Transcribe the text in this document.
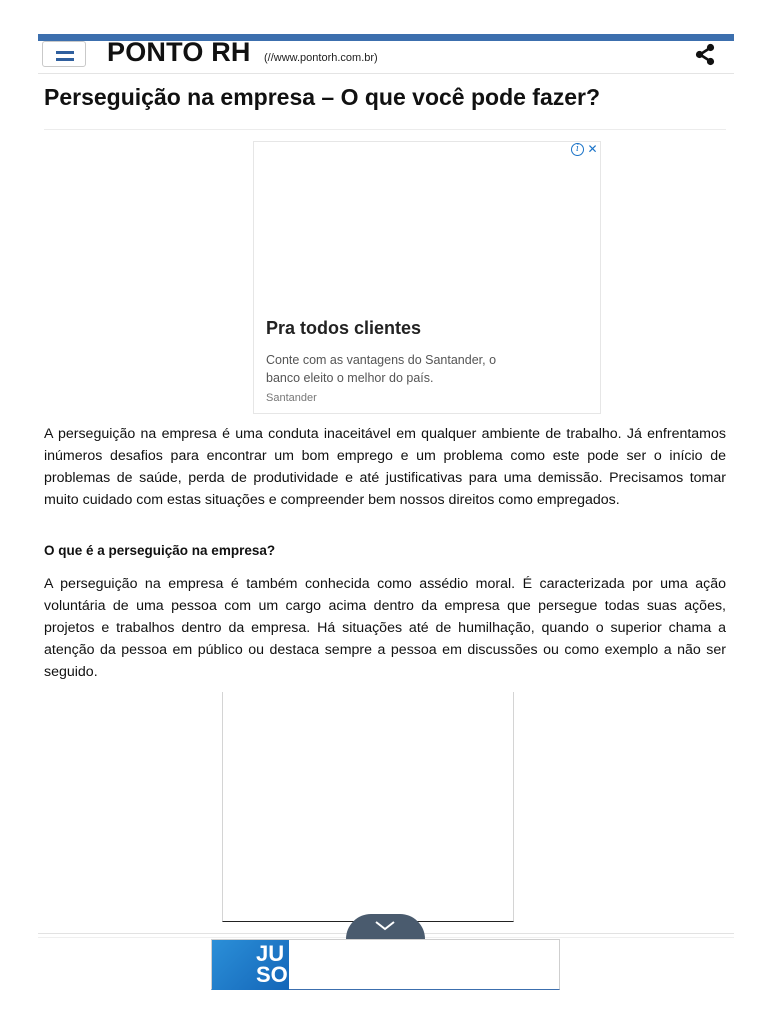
PONTO RH (//www.pontorh.com.br)
Perseguição na empresa – O que você pode fazer?
i ✕
Pra todos clientes
Conte com as vantagens do Santander, o banco eleito o melhor do país.
Santander

A perseguição na empresa é uma conduta inaceitável em qualquer ambiente de trabalho. Já enfrentamos inúmeros desafios para encontrar um bom emprego e um problema como este pode ser o início de problemas de saúde, perda de produtividade e até justificativas para uma demissão. Precisamos tomar muito cuidado com estas situações e compreender bem nossos direitos como empregados.

O que é a perseguição na empresa?

A perseguição na empresa é também conhecida como assédio moral. É caracterizada por uma ação voluntária de uma pessoa com um cargo acima dentro da empresa que persegue todas suas ações, projetos e trabalhos dentro da empresa. Há situações até de humilhação, quando o superior chama a atenção da pessoa em público ou destaca sempre a pessoa em discussões ou como exemplo a não ser seguido.

JU
SO
